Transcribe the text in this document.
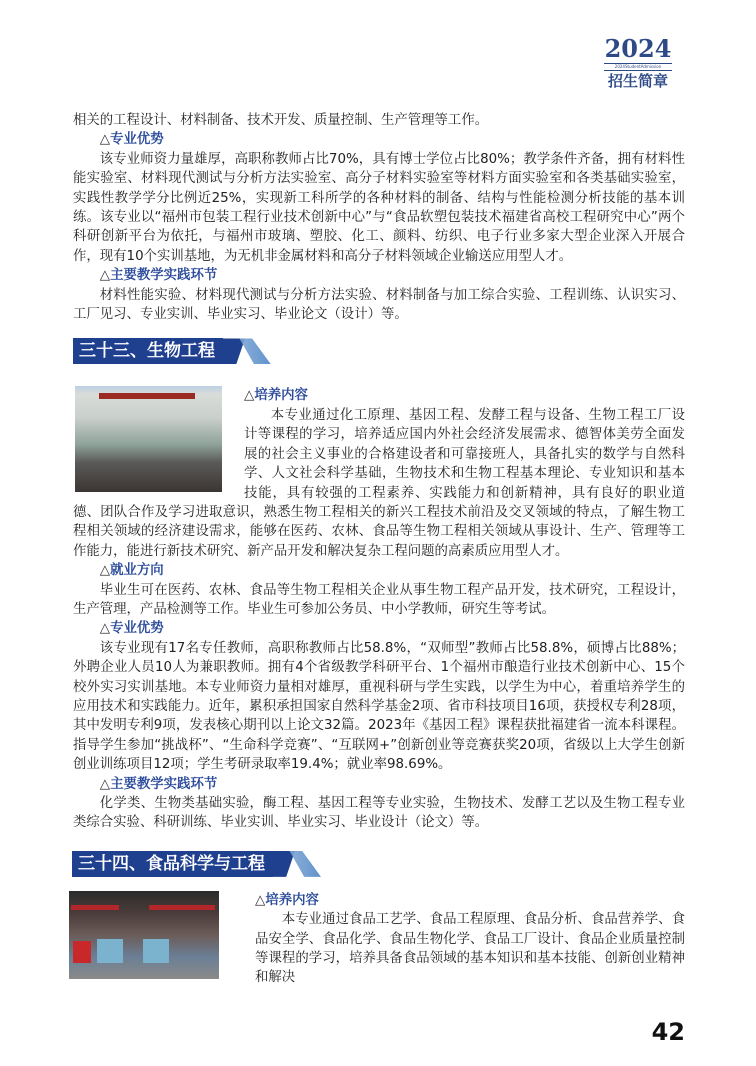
2024
2024StudentAdmission
招生简章

相关的工程设计、材料制备、技术开发、质量控制、生产管理等工作。

△专业优势

该专业师资力量雄厚，高职称教师占比70%，具有博士学位占比80%；教学条件齐备，拥有材料性能实验室、材料现代测试与分析方法实验室、高分子材料实验室等材料方面实验室和各类基础实验室，实践性教学学分比例近25%，实现新工科所学的各种材料的制备、结构与性能检测分析技能的基本训练。该专业以“福州市包装工程行业技术创新中心”与“食品软塑包装技术福建省高校工程研究中心”两个科研创新平台为依托，与福州市玻璃、塑胶、化工、颜料、纺织、电子行业多家大型企业深入开展合作，现有10个实训基地，为无机非金属材料和高分子材料领域企业输送应用型人才。

△主要教学实践环节

材料性能实验、材料现代测试与分析方法实验、材料制备与加工综合实验、工程训练、认识实习、工厂见习、专业实训、毕业实习、毕业论文（设计）等。

三十三、生物工程

△培养内容

本专业通过化工原理、基因工程、发酵工程与设备、生物工程工厂设计等课程的学习，培养适应国内外社会经济发展需求、德智体美劳全面发展的社会主义事业的合格建设者和可靠接班人，具备扎实的数学与自然科学、人文社会科学基础，生物技术和生物工程基本理论、专业知识和基本技能，具有较强的工程素养、实践能力和创新精神，具有良好的职业道德、团队合作及学习进取意识，熟悉生物工程相关的新兴工程技术前沿及交叉领域的特点，了解生物工程相关领域的经济建设需求，能够在医药、农林、食品等生物工程相关领域从事设计、生产、管理等工作能力，能进行新技术研究、新产品开发和解决复杂工程问题的高素质应用型人才。

△就业方向

毕业生可在医药、农林、食品等生物工程相关企业从事生物工程产品开发，技术研究，工程设计，生产管理，产品检测等工作。毕业生可参加公务员、中小学教师，研究生等考试。

△专业优势

该专业现有17名专任教师，高职称教师占比58.8%，“双师型”教师占比58.8%，硕博占比88%；外聘企业人员10人为兼职教师。拥有4个省级教学科研平台、1个福州市酿造行业技术创新中心、15个校外实习实训基地。本专业师资力量相对雄厚，重视科研与学生实践，以学生为中心，着重培养学生的应用技术和实践能力。近年，累积承担国家自然科学基金2项、省市科技项目16项，获授权专利28项，其中发明专利9项，发表核心期刊以上论文32篇。2023年《基因工程》课程获批福建省一流本科课程。指导学生参加“挑战杯”、“生命科学竞赛”、“互联网+”创新创业等竞赛获奖20项，省级以上大学生创新创业训练项目12项；学生考研录取率19.4%；就业率98.69%。

△主要教学实践环节

化学类、生物类基础实验，酶工程、基因工程等专业实验，生物技术、发酵工艺以及生物工程专业类综合实验、科研训练、毕业实训、毕业实习、毕业设计（论文）等。

三十四、食品科学与工程

△培养内容

本专业通过食品工艺学、食品工程原理、食品分析、食品营养学、食品安全学、食品化学、食品生物化学、食品工厂设计、食品企业质量控制等课程的学习，培养具备食品领域的基本知识和基本技能、创新创业精神和解决

42
